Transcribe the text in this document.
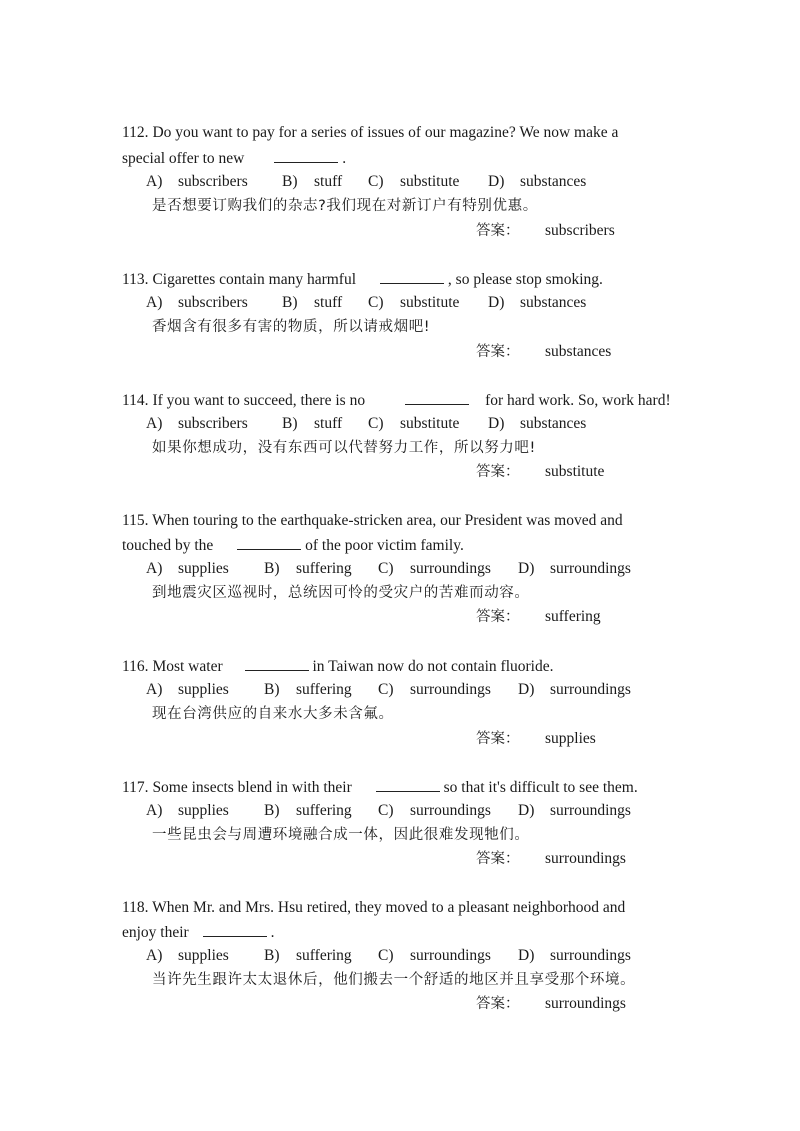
112. Do you want to pay for a series of issues of our magazine? We now make a
special offer to new	.
A) subscribers B) stuff C) substitute D) substances
是否想要订购我们的杂志?我们现在对新订户有特别优惠。
答案： subscribers
113. Cigarettes contain many harmful	, so please stop smoking.
A) subscribers B) stuff C) substitute D) substances
香烟含有很多有害的物质，所以请戒烟吧!
答案： substances
114. If you want to succeed, there is no	for hard work. So, work hard!
A) subscribers B) stuff C) substitute D) substances
如果你想成功，没有东西可以代替努力工作，所以努力吧!
答案： substitute
115. When touring to the earthquake-stricken area, our President was moved and
touched by the	of the poor victim family.
A) supplies B) suffering C) surroundings D) surroundings
到地震灾区巡视时，总统因可怜的受灾户的苦难而动容。
答案： suffering
116. Most water	in Taiwan now do not contain fluoride.
A) supplies B) suffering C) surroundings D) surroundings
现在台湾供应的自来水大多未含氟。
答案： supplies
117. Some insects blend in with their	so that it's difficult to see them.
A) supplies B) suffering C) surroundings D) surroundings
一些昆虫会与周遭环境融合成一体，因此很难发现牠们。
答案： surroundings
118. When Mr. and Mrs. Hsu retired, they moved to a pleasant neighborhood and
enjoy their	.
A) supplies B) suffering C) surroundings D) surroundings
当许先生跟许太太退休后，他们搬去一个舒适的地区并且享受那个环境。
答案： surroundings
